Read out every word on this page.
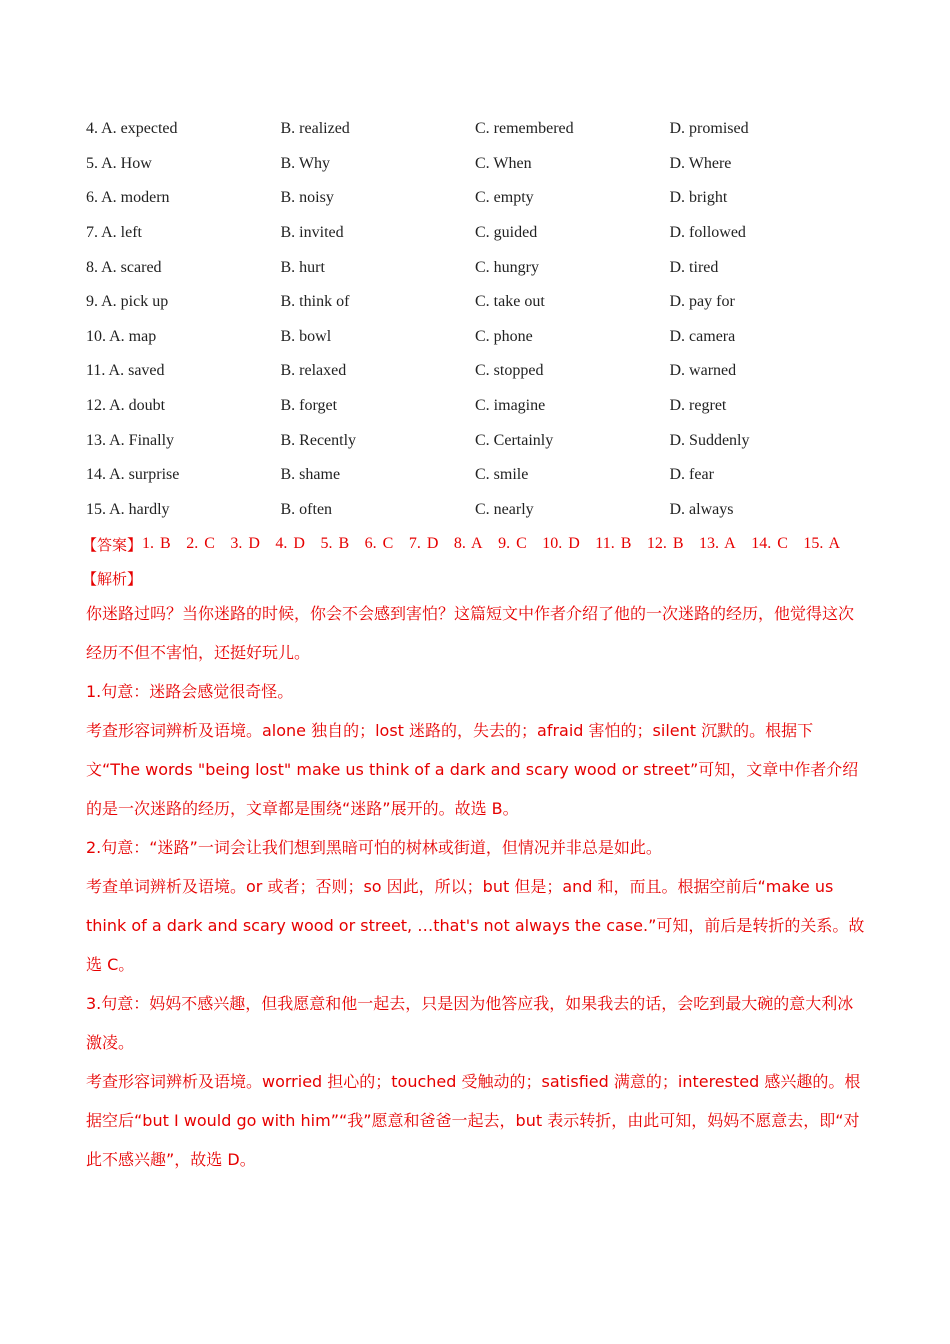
4. A. expected	B. realized	C. remembered	D. promised
5. A. How	B. Why	C. When	D. Where
6. A. modern	B. noisy	C. empty	D. bright
7. A. left	B. invited	C. guided	D. followed
8. A. scared	B. hurt	C. hungry	D. tired
9. A. pick up	B. think of	C. take out	D. pay for
10. A. map	B. bowl	C. phone	D. camera
11. A. saved	B. relaxed	C. stopped	D. warned
12. A. doubt	B. forget	C. imagine	D. regret
13. A. Finally	B. Recently	C. Certainly	D. Suddenly
14. A. surprise	B. shame	C. smile	D. fear
15. A. hardly	B. often	C. nearly	D. always
【答案】 1. B 2. C 3. D 4. D 5. B 6. C 7. D 8. A 9. C 10. D 11. B 12. B 13. A 14. C 15. A
【解析】

你迷路过吗？当你迷路的时候，你会不会感到害怕？这篇短文中作者介绍了他的一次迷路的经历，他觉得这次经历不但不害怕，还挺好玩儿。

1.句意：迷路会感觉很奇怪。

考查形容词辨析及语境。alone 独自的；lost 迷路的，失去的；afraid 害怕的；silent 沉默的。根据下文“The words "being lost" make us think of a dark and scary wood or street”可知，文章中作者介绍的是一次迷路的经历，文章都是围绕“迷路”展开的。故选 B。

2.句意：“迷路”一词会让我们想到黑暗可怕的树林或街道，但情况并非总是如此。

考查单词辨析及语境。or 或者；否则；so 因此，所以；but 但是；and 和，而且。根据空前后“make us think of a dark and scary wood or street, …that's not always the case.”可知，前后是转折的关系。故选 C。

3.句意：妈妈不感兴趣，但我愿意和他一起去，只是因为他答应我，如果我去的话，会吃到最大碗的意大利冰激凌。

考查形容词辨析及语境。worried 担心的；touched 受触动的；satisfied 满意的；interested 感兴趣的。根据空后“but I would go with him”“我”愿意和爸爸一起去，but 表示转折，由此可知，妈妈不愿意去，即“对此不感兴趣”，故选 D。
